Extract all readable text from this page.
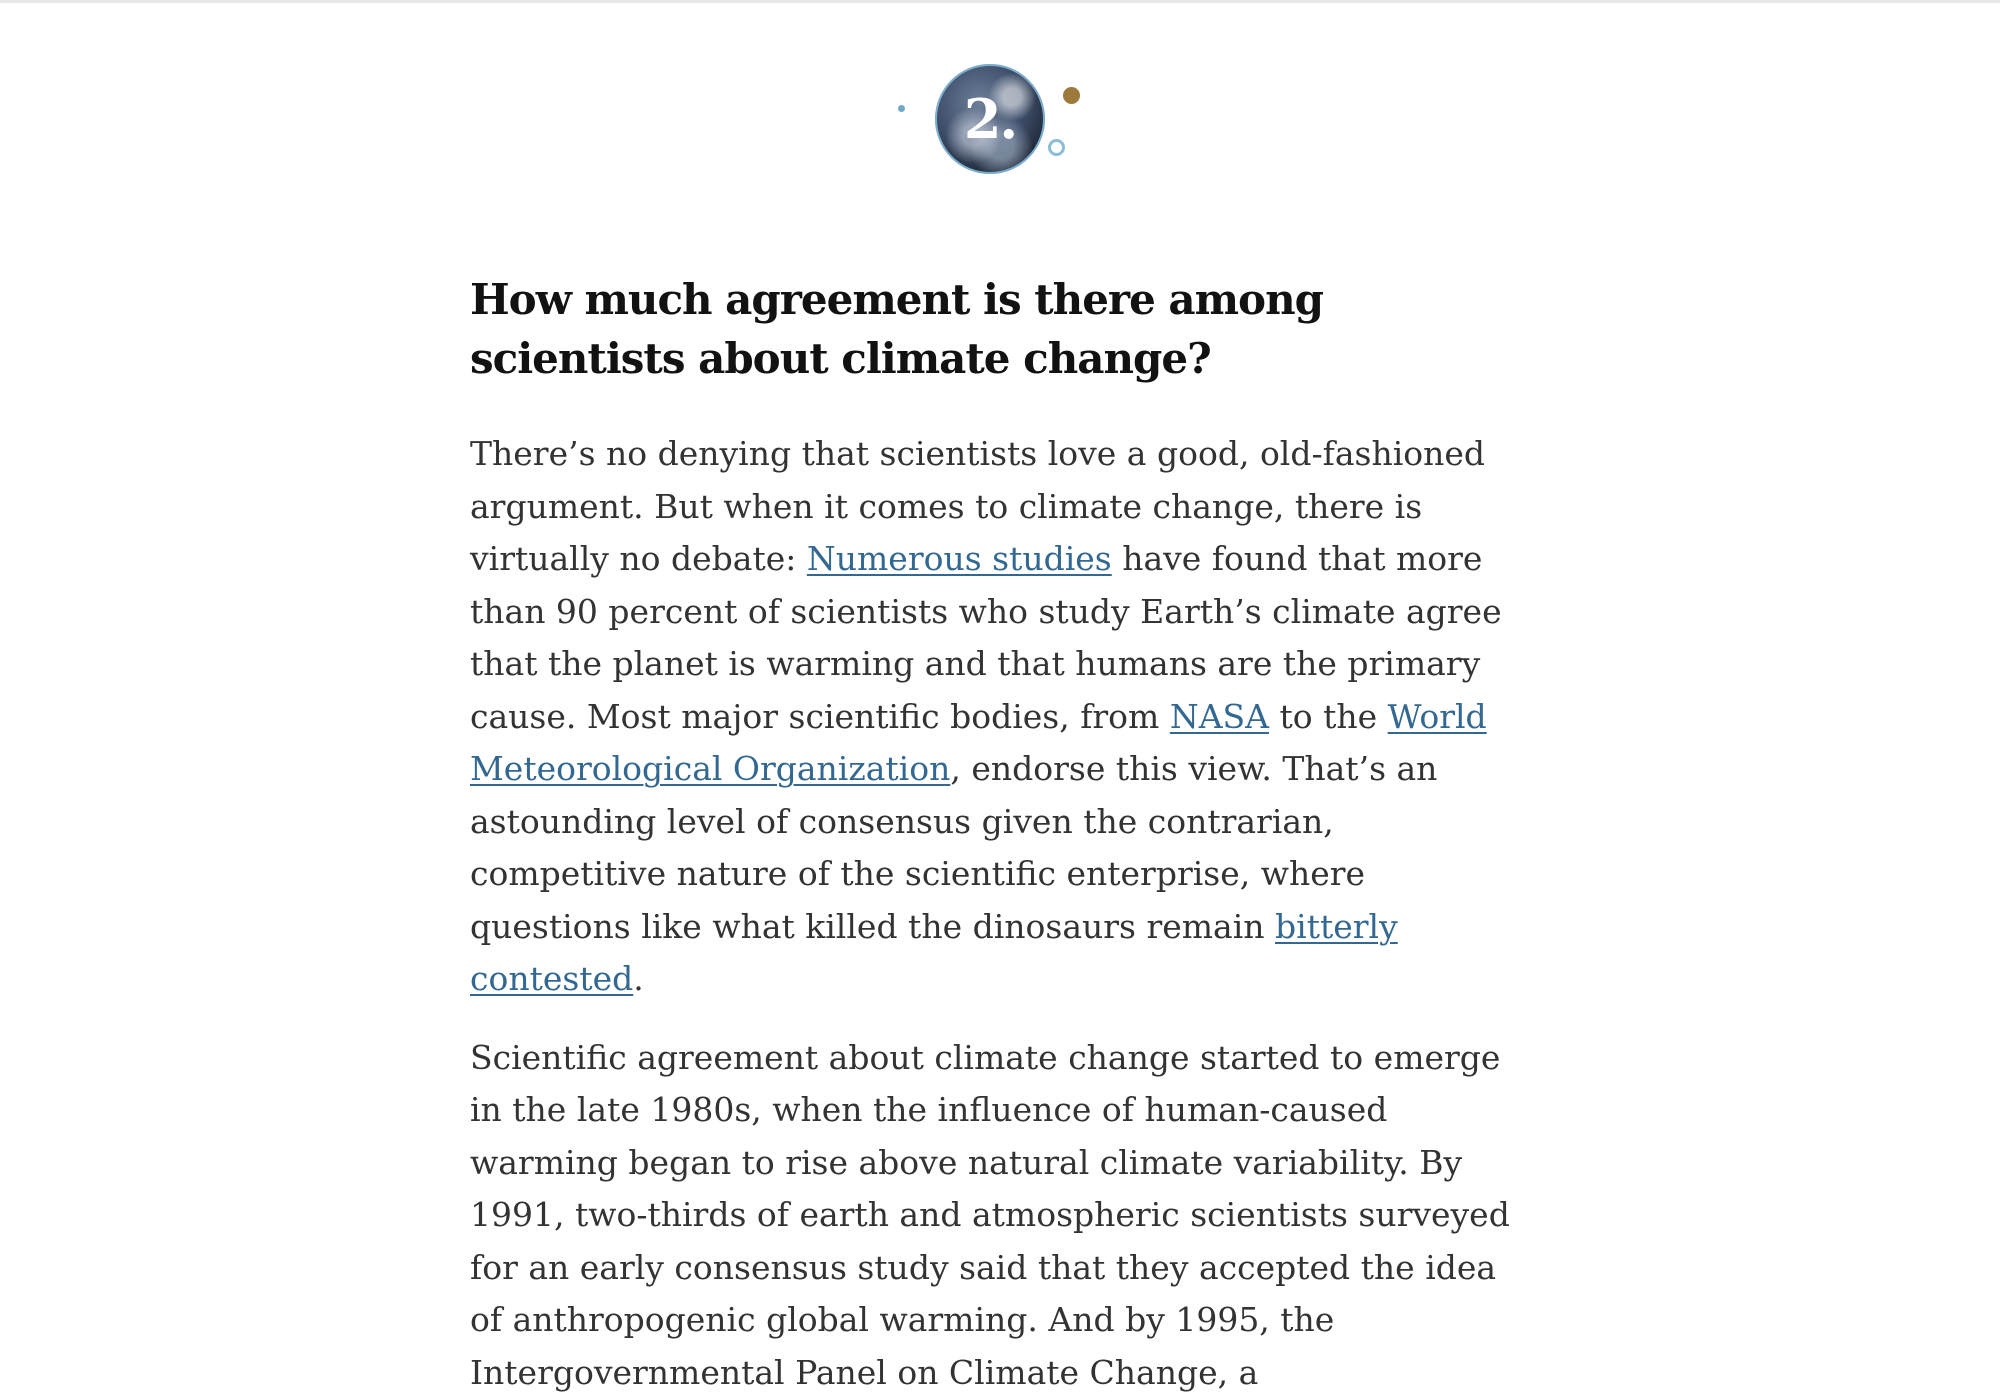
2.
How much agreement is there among scientists about climate change?

There’s no denying that scientists love a good, old-fashioned argument. But when it comes to climate change, there is virtually no debate: Numerous studies have found that more than 90 percent of scientists who study Earth’s climate agree that the planet is warming and that humans are the primary cause. Most major scientific bodies, from NASA to the World Meteorological Organization, endorse this view. That’s an astounding level of consensus given the contrarian, competitive nature of the scientific enterprise, where questions like what killed the dinosaurs remain bitterly contested.

Scientific agreement about climate change started to emerge in the late 1980s, when the influence of human-caused warming began to rise above natural climate variability. By 1991, two-thirds of earth and atmospheric scientists surveyed for an early consensus study said that they accepted the idea of anthropogenic global warming. And by 1995, the Intergovernmental Panel on Climate Change, a
